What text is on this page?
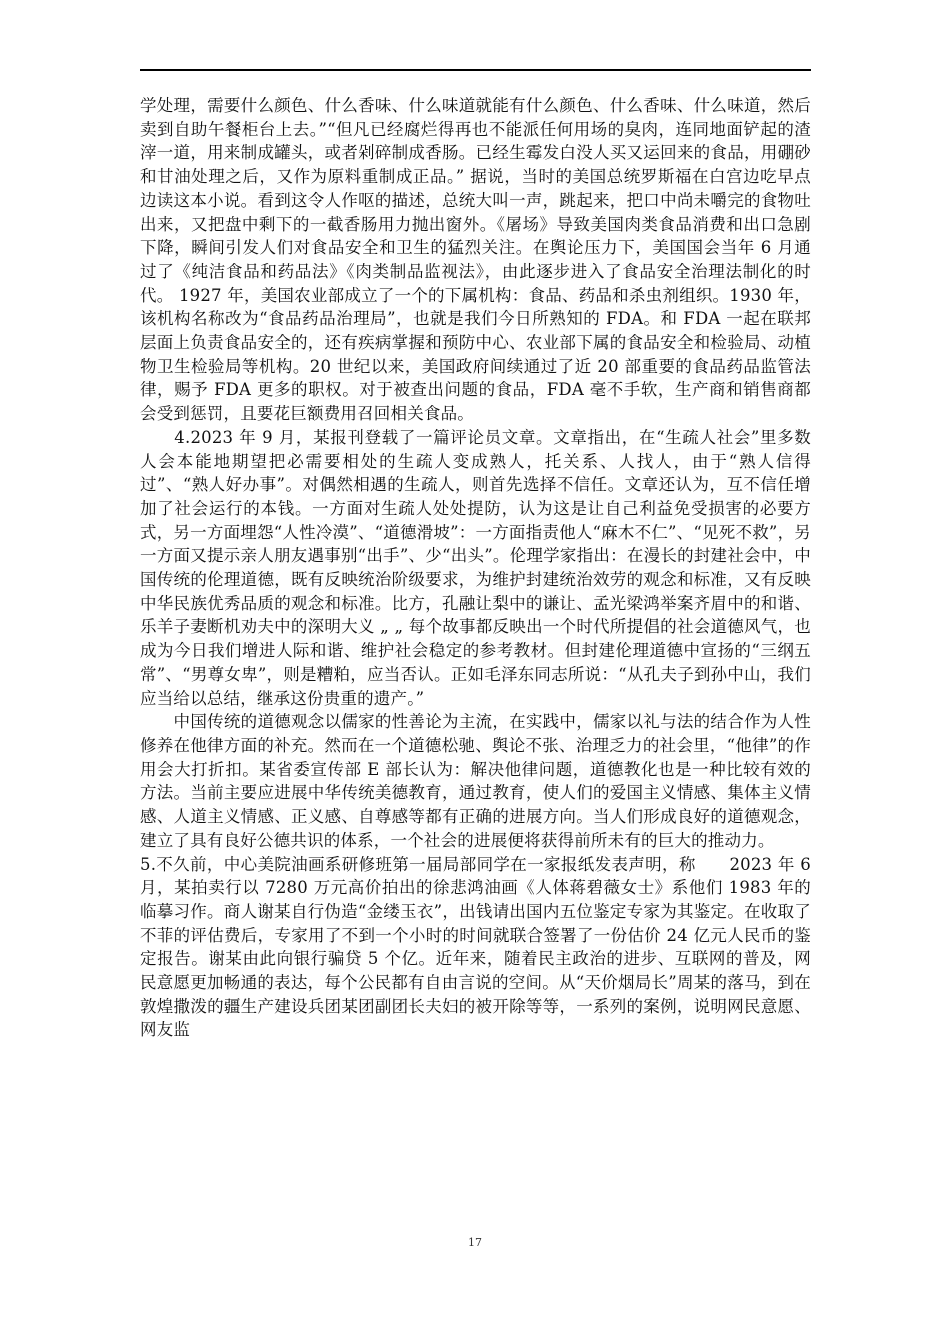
学处理，需要什么颜色、什么香味、什么味道就能有什么颜色、什么香味、什么味道，然后卖到自助午餐柜台上去。”“但凡已经腐烂得再也不能派任何用场的臭肉，连同地面铲起的渣滓一道，用来制成罐头，或者剁碎制成香肠。已经生霉发白没人买又运回来的食品，用硼砂和甘油处理之后，又作为原料重制成正品。” 据说，当时的美国总统罗斯福在白宫边吃早点边读这本小说。看到这令人作呕的描述，总统大叫一声，跳起来，把口中尚未嚼完的食物吐出来，又把盘中剩下的一截香肠用力抛出窗外。《屠场》导致美国肉类食品消费和出口急剧下降，瞬间引发人们对食品安全和卫生的猛烈关注。在舆论压力下，美国国会当年 6 月通过了《纯洁食品和药品法》《肉类制品监视法》，由此逐步进入了食品安全治理法制化的时代。 1927 年，美国农业部成立了一个的下属机构：食品、药品和杀虫剂组织。1930 年，该机构名称改为“食品药品治理局”，也就是我们今日所熟知的 FDA。和 FDA 一起在联邦层面上负责食品安全的，还有疾病掌握和预防中心、农业部下属的食品安全和检验局、动植物卫生检验局等机构。20 世纪以来，美国政府间续通过了近 20 部重要的食品药品监管法律，赐予 FDA 更多的职权。对于被查出问题的食品，FDA 毫不手软，生产商和销售商都会受到惩罚，且要花巨额费用召回相关食品。

　　4.2023 年 9 月，某报刊登载了一篇评论员文章。文章指出，在“生疏人社会”里多数人会本能地期望把必需要相处的生疏人变成熟人，托关系、人找人，由于“熟人信得过”、“熟人好办事”。对偶然相遇的生疏人，则首先选择不信任。文章还认为，互不信任增加了社会运行的本钱。一方面对生疏人处处提防，认为这是让自己利益免受损害的必要方式，另一方面埋怨“人性冷漠”、“道德滑坡”：一方面指责他人“麻木不仁”、“见死不救”，另一方面又提示亲人朋友遇事别“出手”、少“出头”。伦理学家指出：在漫长的封建社会中，中国传统的伦理道德，既有反映统治阶级要求，为维护封建统治效劳的观念和标准，又有反映中华民族优秀品质的观念和标准。比方，孔融让梨中的谦让、孟光梁鸿举案齐眉中的和谐、乐羊子妻断机劝夫中的深明大义 „ „ 每个故事都反映出一个时代所提倡的社会道德风气，也成为今日我们增进人际和谐、维护社会稳定的参考教材。但封建伦理道德中宣扬的“三纲五常”、“男尊女卑”，则是糟粕，应当否认。正如毛泽东同志所说：“从孔夫子到孙中山，我们应当给以总结，继承这份贵重的遗产。”

　　中国传统的道德观念以儒家的性善论为主流，在实践中，儒家以礼与法的结合作为人性修养在他律方面的补充。然而在一个道德松驰、舆论不张、治理乏力的社会里，“他律”的作用会大打折扣。某省委宣传部 E 部长认为：解决他律问题，道德教化也是一种比较有效的方法。当前主要应进展中华传统美德教育，通过教育，使人们的爱国主义情感、集体主义情感、人道主义情感、正义感、自尊感等都有正确的进展方向。当人们形成良好的道德观念，建立了具有良好公德共识的体系，一个社会的进展便将获得前所未有的巨大的推动力。

5.不久前，中心美院油画系研修班第一届局部同学在一家报纸发表声明，称　　2023 年 6 月，某拍卖行以 7280 万元高价拍出的徐悲鸿油画《人体蒋碧薇女士》系他们 1983 年的临摹习作。商人谢某自行伪造“金缕玉衣”，出钱请出国内五位鉴定专家为其鉴定。在收取了不菲的评估费后，专家用了不到一个小时的时间就联合签署了一份估价 24 亿元人民币的鉴定报告。谢某由此向银行骗贷 5 个亿。近年来，随着民主政治的进步、互联网的普及，网民意愿更加畅通的表达，每个公民都有自由言说的空间。从“天价烟局长”周某的落马，到在敦煌撒泼的疆生产建设兵团某团副团长夫妇的被开除等等，一系列的案例，说明网民意愿、网友监

17
